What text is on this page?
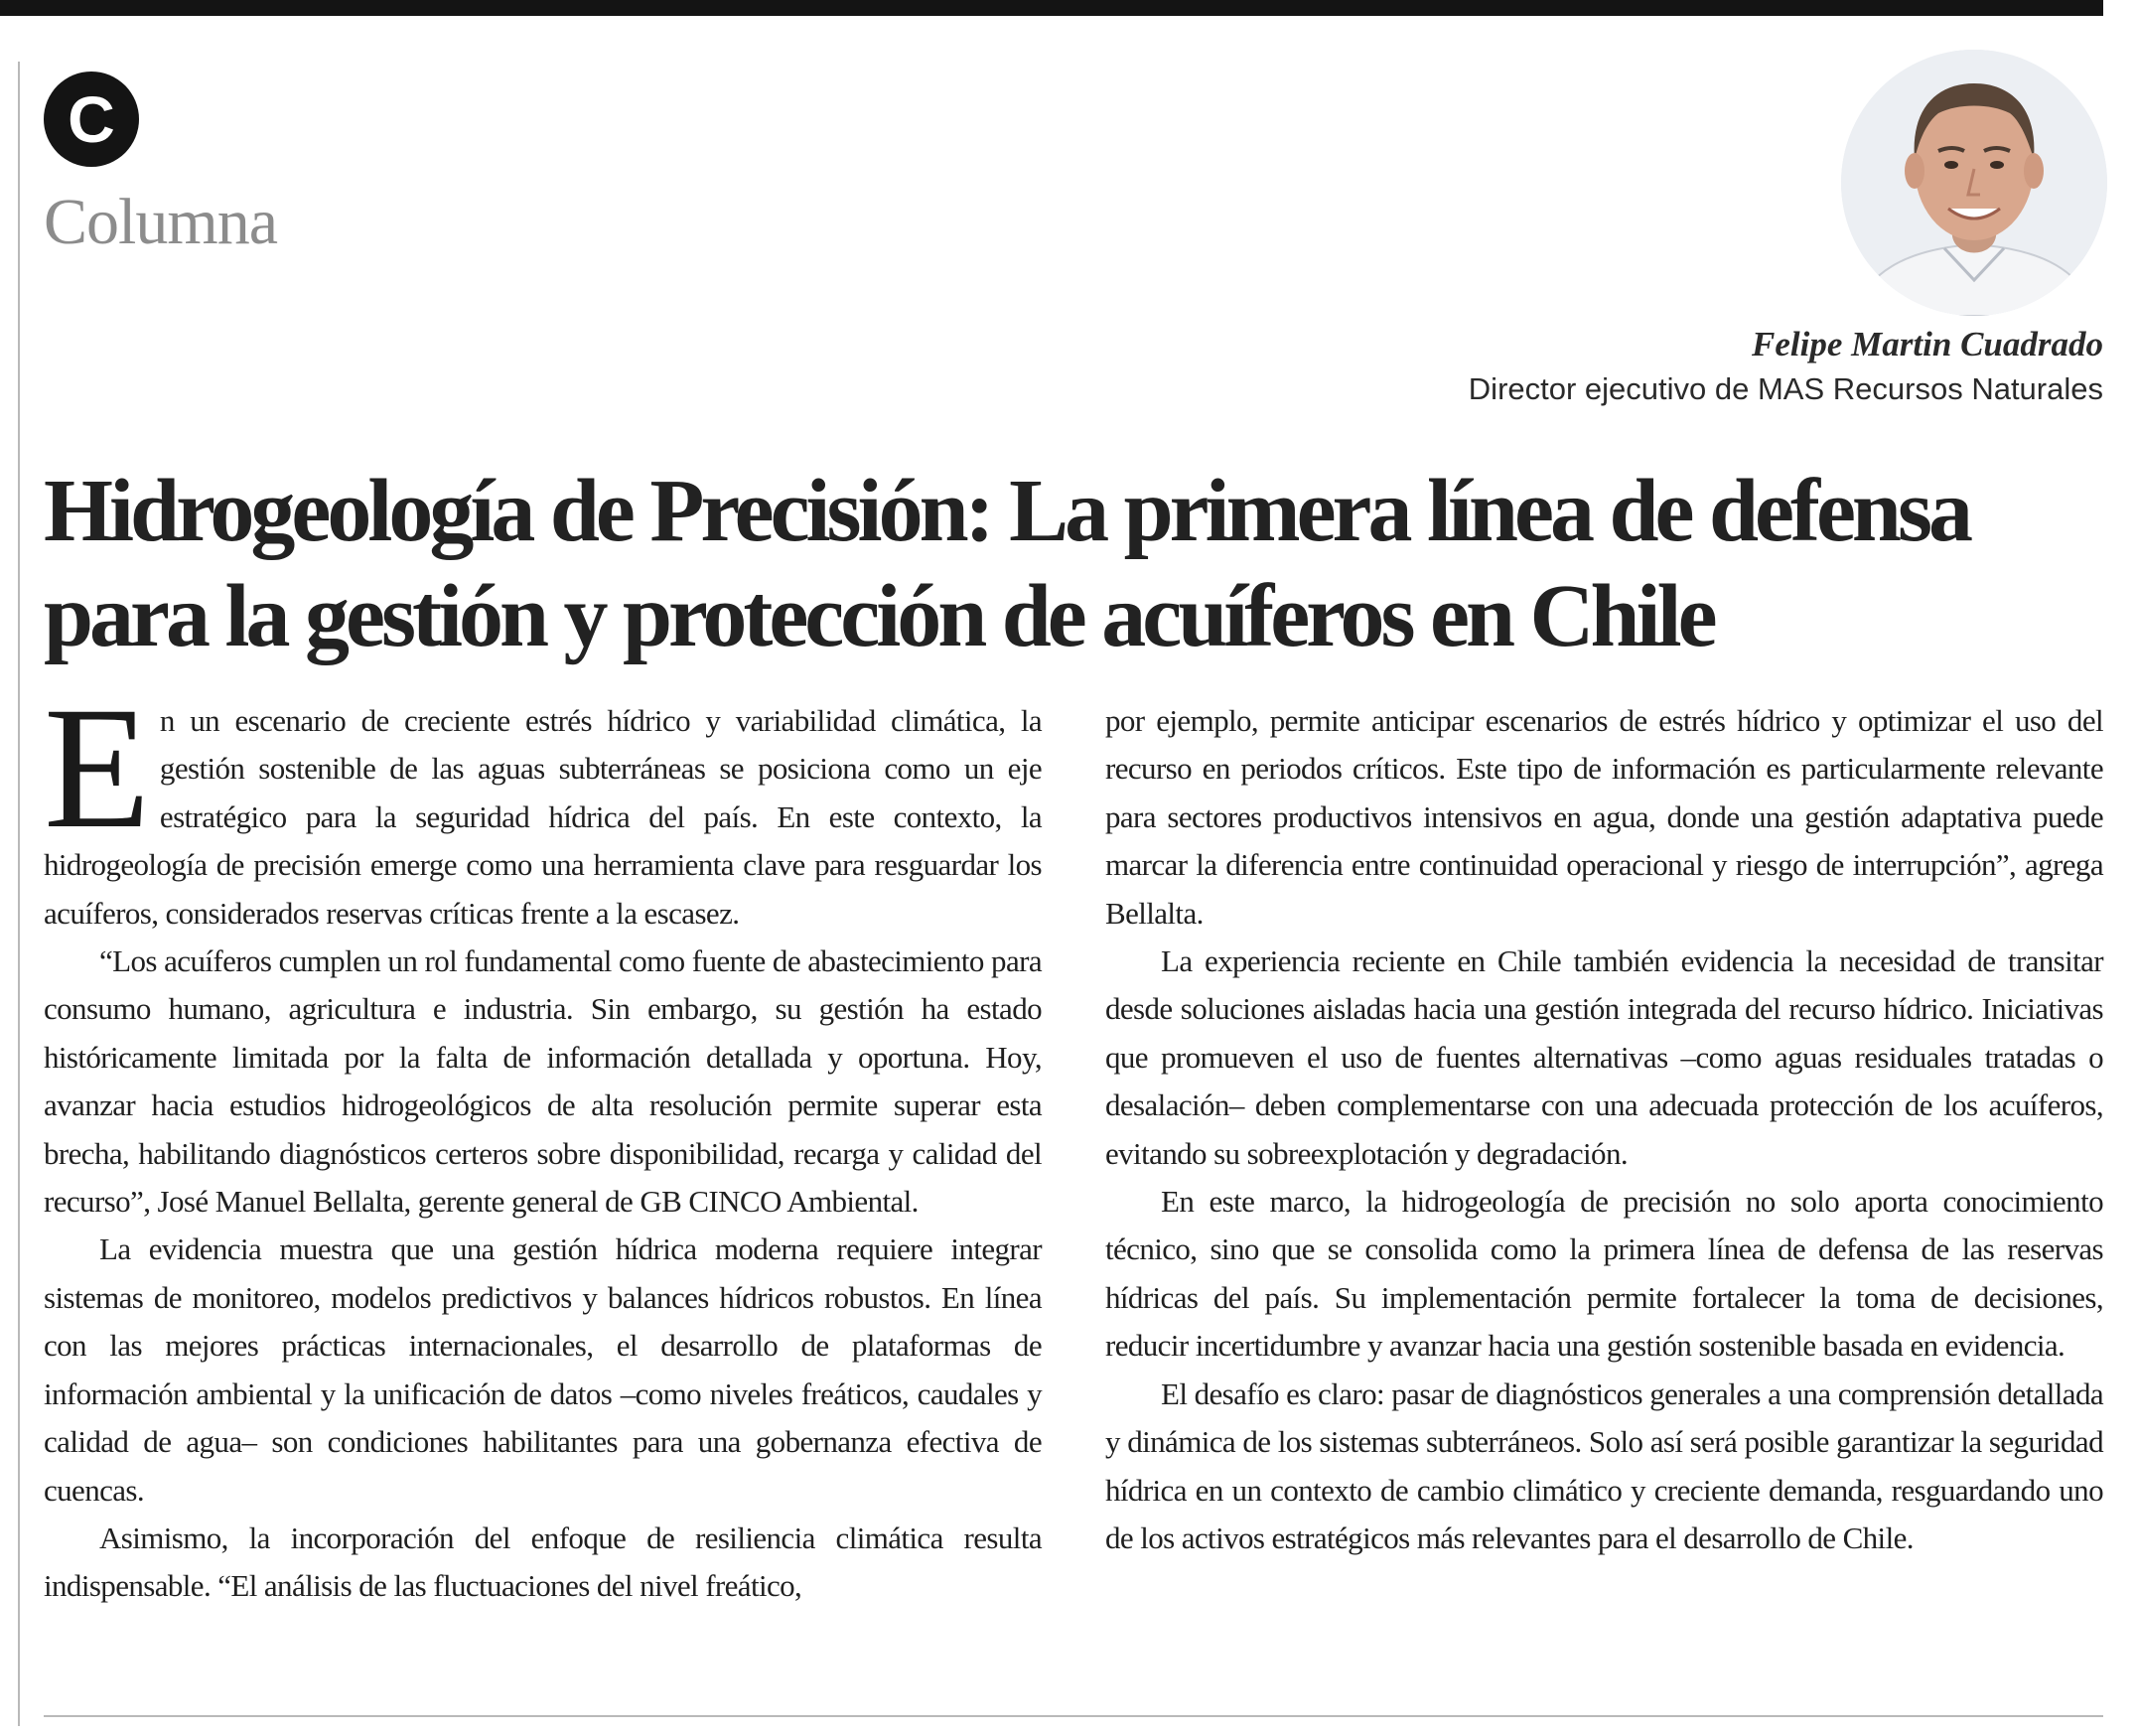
C
Columna
Felipe Martin Cuadrado
Director ejecutivo de MAS Recursos Naturales
Hidrogeología de Precisión: La primera línea de defensa
para la gestión y protección de acuíferos en Chile

En un escenario de creciente estrés hídrico y variabilidad climática, la gestión sostenible de las aguas subterráneas se posiciona como un eje estratégico para la seguridad hídrica del país. En este contexto, la hidrogeología de precisión emerge como una herramienta clave para resguardar los acuíferos, considerados reservas críticas frente a la escasez.

“Los acuíferos cumplen un rol fundamental como fuente de abastecimiento para consumo humano, agricultura e industria. Sin embargo, su gestión ha estado históricamente limitada por la falta de información detallada y oportuna. Hoy, avanzar hacia estudios hidrogeológicos de alta resolución permite superar esta brecha, habilitando diagnósticos certeros sobre disponibilidad, recarga y calidad del recurso”, José Manuel Bellalta, gerente general de GB CINCO Ambiental.

La evidencia muestra que una gestión hídrica moderna requiere integrar sistemas de monitoreo, modelos predictivos y balances hídricos robustos. En línea con las mejores prácticas internacionales, el desarrollo de plataformas de información ambiental y la unificación de datos –como niveles freáticos, caudales y calidad de agua– son condiciones habilitantes para una gobernanza efectiva de cuencas.

Asimismo, la incorporación del enfoque de resiliencia climática resulta indispensable. “El análisis de las fluctuaciones del nivel freático,

por ejemplo, permite anticipar escenarios de estrés hídrico y optimizar el uso del recurso en periodos críticos. Este tipo de información es particularmente relevante para sectores productivos intensivos en agua, donde una gestión adaptativa puede marcar la diferencia entre continuidad operacional y riesgo de interrupción”, agrega Bellalta.

La experiencia reciente en Chile también evidencia la necesidad de transitar desde soluciones aisladas hacia una gestión integrada del recurso hídrico. Iniciativas que promueven el uso de fuentes alternativas –como aguas residuales tratadas o desalación– deben complementarse con una adecuada protección de los acuíferos, evitando su sobreexplotación y degradación.

En este marco, la hidrogeología de precisión no solo aporta conocimiento técnico, sino que se consolida como la primera línea de defensa de las reservas hídricas del país. Su implementación permite fortalecer la toma de decisiones, reducir incertidumbre y avanzar hacia una gestión sostenible basada en evidencia.

El desafío es claro: pasar de diagnósticos generales a una comprensión detallada y dinámica de los sistemas subterráneos. Solo así será posible garantizar la seguridad hídrica en un contexto de cambio climático y creciente demanda, resguardando uno de los activos estratégicos más relevantes para el desarrollo de Chile.
